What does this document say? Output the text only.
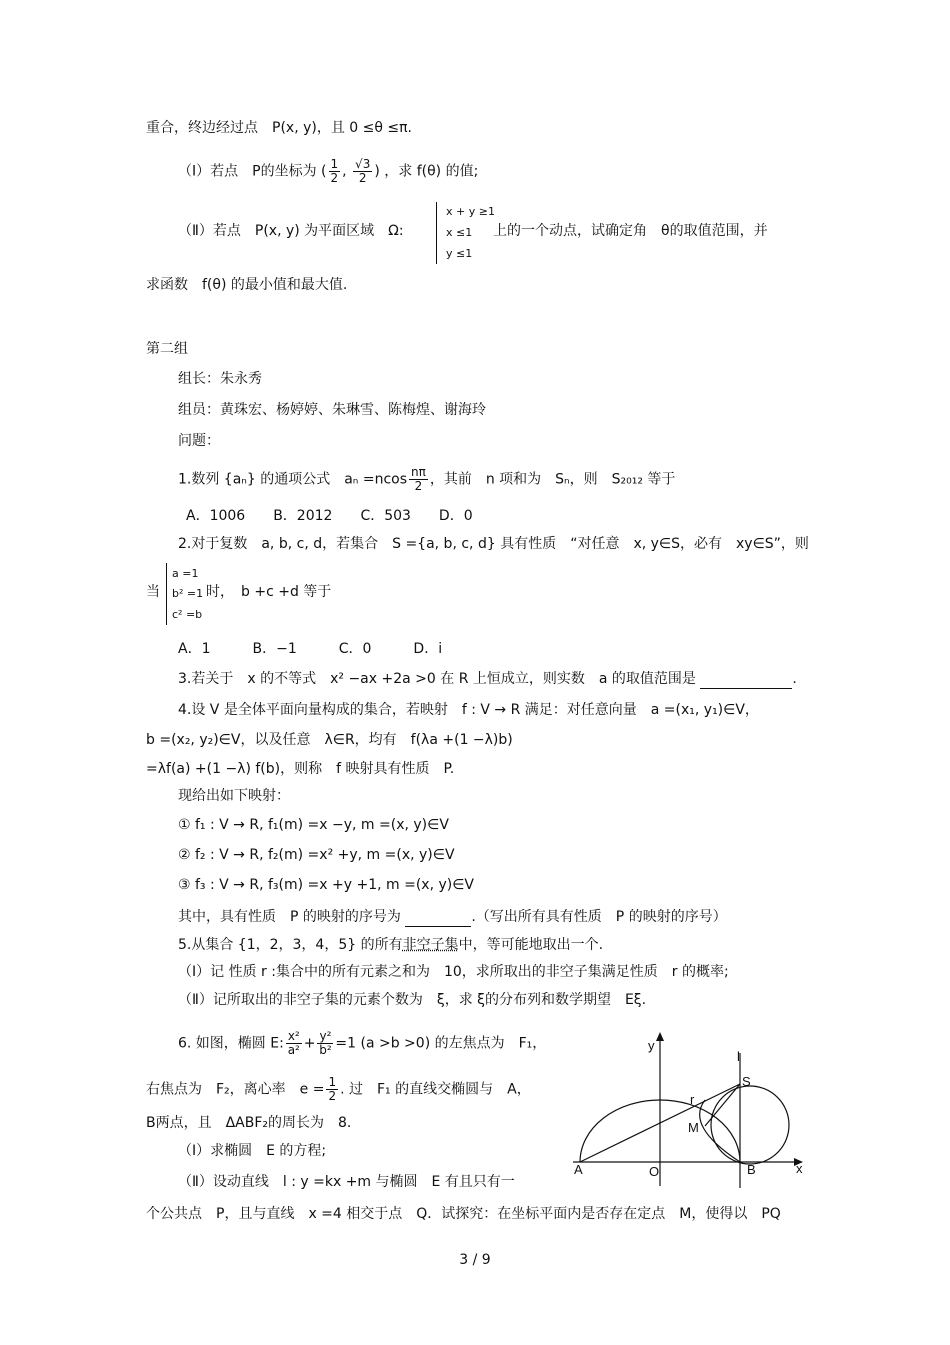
重合，终边经过点　P(x, y)，且 0 ≤θ ≤π.
（Ⅰ）若点　P的坐标为 ( $\frac{1}{2}$ , $\frac{√3}{2}$ ) ，求 f(θ) 的值;
（Ⅱ）若点　P(x, y) 为平面区域　Ω:
x + y ≥1
x ≤1
y ≤1
上的一个动点，试确定角　θ的取值范围，并
求函数　f(θ) 的最小值和最大值.
第二组
组长：朱永秀
组员：黄珠宏、杨婷婷、朱琳雪、陈梅煌、谢海玲
问题：
1.数列 {aₙ} 的通项公式　$a_n =ncos \frac{n\pi}{2}$ ，其前　n 项和为　Sₙ，则　S₂₀₁₂ 等于
A．1006　　B．2012　　C．503　　D．0
2.对于复数　a, b, c, d，若集合　S ={a, b, c, d} 具有性质　“对任意　x, y∈S，必有　xy∈S”，则
当
a =1
b² =1
c² =b
时，　b +c +d 等于
A．1　　　B．−1　　　C．0　　　D．i
3.若关于　x 的不等式　x² −ax +2a >0 在 R 上恒成立，则实数　a 的取值范围是	.
4.设 V 是全体平面向量构成的集合，若映射　f : V → R 满足：对任意向量　a =(x₁, y₁)∈V，
b =(x₂, y₂)∈V，以及任意　λ∈R，均有　f(λa +(1 −λ)b)
=λf(a) +(1 −λ) f(b)，则称　f 映射具有性质　P.
现给出如下映射：
① f₁ : V → R, f₁(m) =x −y, m =(x, y)∈V
② f₂ : V → R, f₂(m) =x² +y, m =(x, y)∈V
③ f₃ : V → R, f₃(m) =x +y +1, m =(x, y)∈V
其中，具有性质　P 的映射的序号为	.（写出所有具有性质　P 的映射的序号）
5.从集合 {1，2，3，4，5} 的所有非空子集中，等可能地取出一个.
（Ⅰ）记 性质 r :集合中的所有元素之和为　10，求所取出的非空子集满足性质　r 的概率;
（Ⅱ）记所取出的非空子集的元素个数为　ξ，求 ξ的分布列和数学期望　Eξ.
6. 如图，椭圆 E: $\frac{\text{x²}}{\text{a²}} + \frac{\text{y²}}{\text{b²}} =1$ (a >b >0) 的左焦点为　F₁，
右焦点为　F₂，离心率　$e = \frac{1}{2}$ . 过　F₁ 的直线交椭圆与　A，
B两点，且　ΔABF₂的周长为　8.
（Ⅰ）求椭圆　E 的方程;
（Ⅱ）设动直线　l : y =kx +m 与椭圆　E 有且只有一
个公共点　P，且与直线　x =4 相交于点　Q．试探究：在坐标平面内是否存在定点　M，使得以　PQ
y
x
l
S
r
M
A	O	B
3 / 9
